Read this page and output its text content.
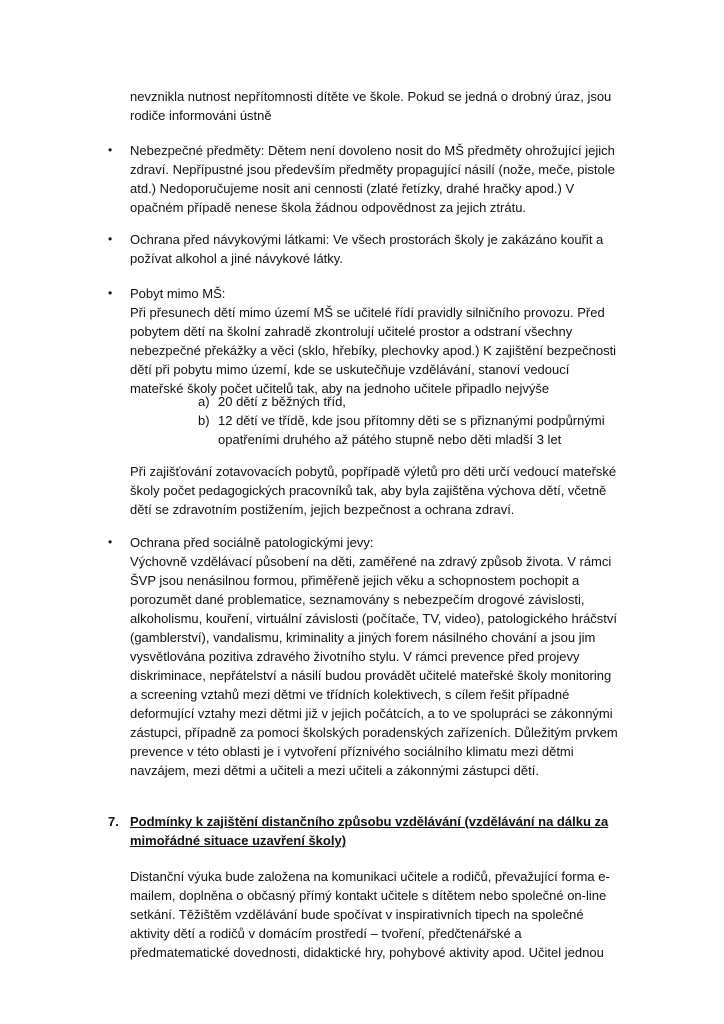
nevznikla nutnost nepřítomnosti dítěte ve škole. Pokud se jedná o drobný úraz, jsou
rodiče informováni ústně
• Nebezpečné předměty: Dětem není dovoleno nosit do MŠ předměty ohrožující jejich
zdraví. Nepřípustné jsou především předměty propagující násilí (nože, meče, pistole
atd.) Nedoporučujeme nosit ani cennosti (zlaté řetízky, drahé hračky apod.) V
opačném případě nenese škola žádnou odpovědnost za jejich ztrátu.
• Ochrana před návykovými látkami: Ve všech prostorách školy je zakázáno kouřit a
požívat alkohol a jiné návykové látky.
• Pobyt mimo MŠ:
Při přesunech dětí mimo území MŠ se učitelé řídí pravidly silničního provozu. Před
pobytem dětí na školní zahradě zkontrolují učitelé prostor a odstraní všechny
nebezpečné překážky a věci (sklo, hřebíky, plechovky apod.) K zajištění bezpečnosti
dětí při pobytu mimo území, kde se uskutečňuje vzdělávání, stanoví vedoucí
mateřské školy počet učitelů tak, aby na jednoho učitele připadlo nejvýše
a) 20 dětí z běžných tříd,
b) 12 dětí ve třídě, kde jsou přítomny děti se s přiznanými podpůrnými
opatřeními druhého až pátého stupně nebo děti mladší 3 let
Při zajišťování zotavovacích pobytů, popřípadě výletů pro děti určí vedoucí mateřské
školy počet pedagogických pracovníků tak, aby byla zajištěna výchova dětí, včetně
dětí se zdravotním postižením, jejich bezpečnost a ochrana zdraví.
• Ochrana před sociálně patologickými jevy:
Výchovně vzdělávací působení na děti, zaměřené na zdravý způsob života. V rámci
ŠVP jsou nenásilnou formou, přiměřeně jejich věku a schopnostem pochopit a
porozumět dané problematice, seznamovány s nebezpečím drogové závislosti,
alkoholismu, kouření, virtuální závislosti (počítače, TV, video), patologického hráčství
(gamblerství), vandalismu, kriminality a jiných forem násilného chování a jsou jim
vysvětlována pozitiva zdravého životního stylu. V rámci prevence před projevy
diskriminace, nepřátelství a násilí budou provádět učitelé mateřské školy monitoring
a screening vztahů mezi dětmi ve třídních kolektivech, s cílem řešit případné
deformující vztahy mezi dětmi již v jejich počátcích, a to ve spolupráci se zákonnými
zástupci, případně za pomoci školských poradenských zařízeních. Důležitým prvkem
prevence v této oblasti je i vytvoření příznivého sociálního klimatu mezi dětmi
navzájem, mezi dětmi a učiteli a mezi učiteli a zákonnými zástupci dětí.
7. Podmínky k zajištění distančního způsobu vzdělávání (vzdělávání na dálku za
mimořádné situace uzavření školy)
Distanční výuka bude založena na komunikaci učitele a rodičů, převažující forma e-
mailem, doplněna o občasný přímý kontakt učitele s dítětem nebo společné on-line
setkání. Těžištěm vzdělávání bude spočívat v inspirativních tipech na společné
aktivity dětí a rodičů v domácím prostředí – tvoření, předčtenářské a
předmatematické dovednosti, didaktické hry, pohybové aktivity apod. Učitel jednou
